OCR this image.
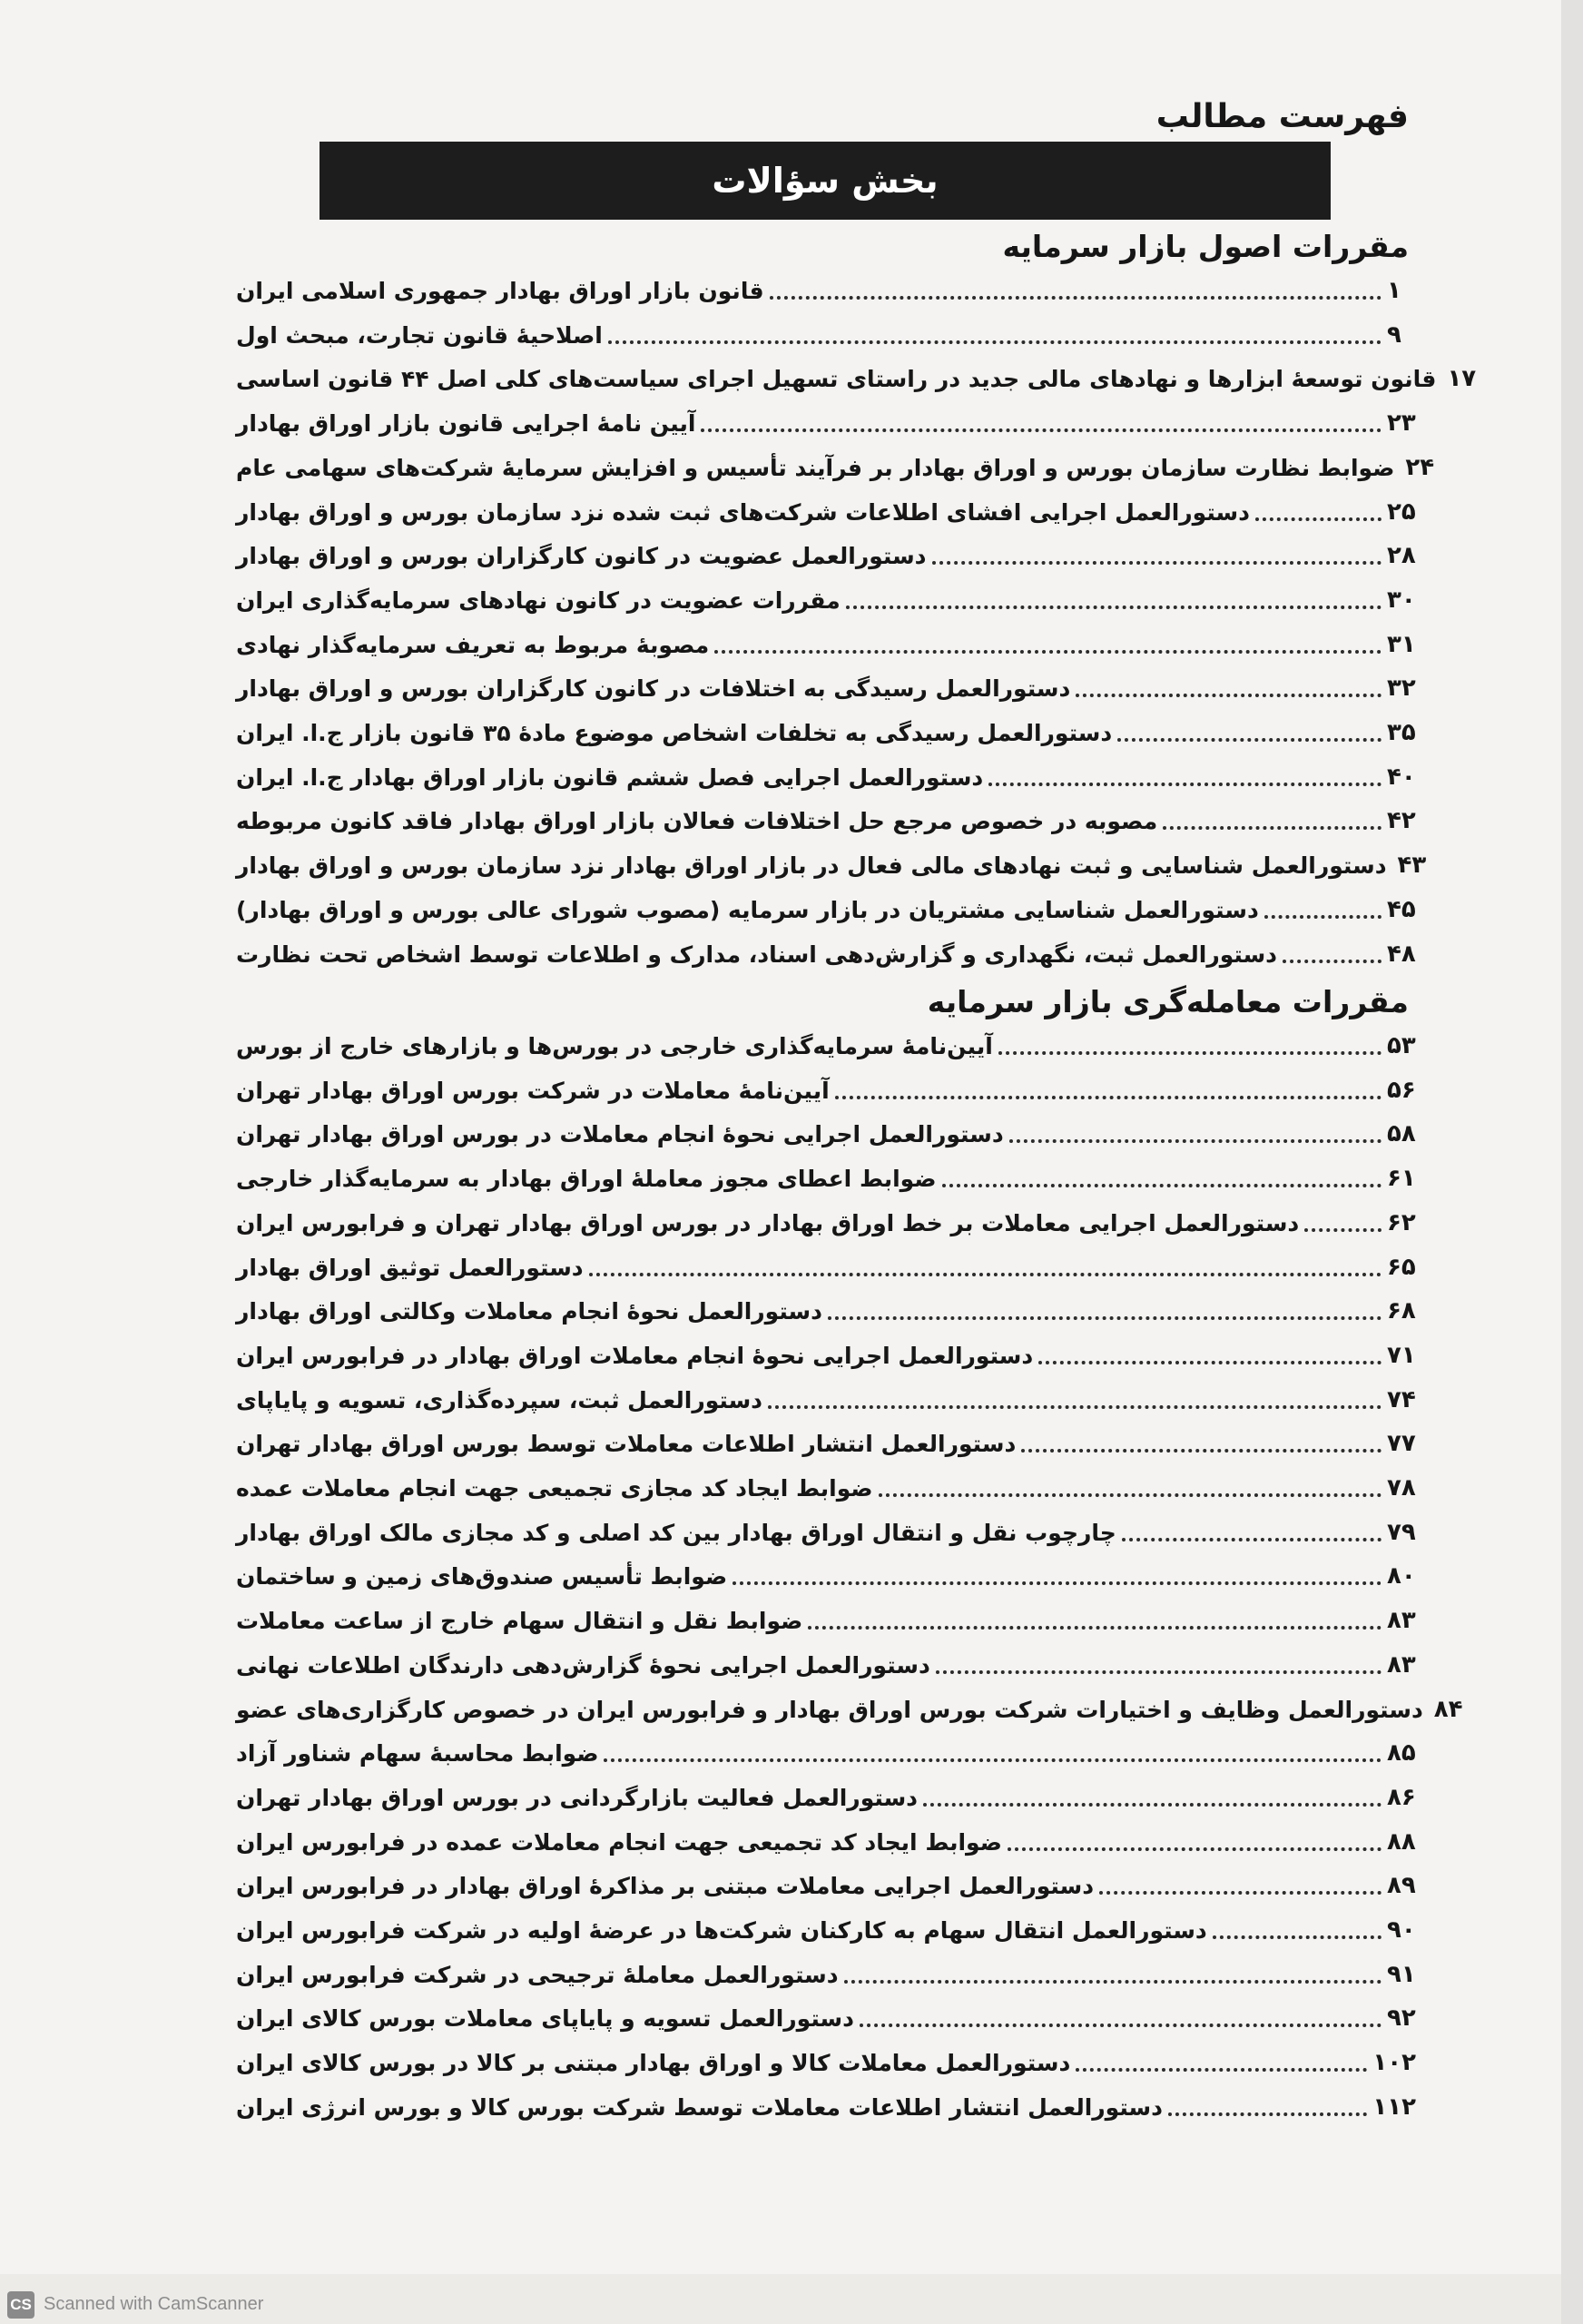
فهرست مطالب
بخش سؤالات
مقررات اصول بازار سرمایه
قانون بازار اوراق بهادار جمهوری اسلامی ایران	۱
اصلاحیهٔ قانون تجارت، مبحث اول	۹
قانون توسعهٔ ابزارها و نهادهای مالی جدید در راستای تسهیل اجرای سیاست‌های کلی اصل ۴۴ قانون اساسی ۱۷
آیین نامهٔ اجرایی قانون بازار اوراق بهادار	۲۳
ضوابط نظارت سازمان بورس و اوراق بهادار بر فرآیند تأسیس و افزایش سرمایهٔ شرکت‌های سهامی عام ۲۴
دستورالعمل اجرایی افشای اطلاعات شرکت‌های ثبت شده نزد سازمان بورس و اوراق بهادار	۲۵
دستورالعمل عضویت در کانون کارگزاران بورس و اوراق بهادار	۲۸
مقررات عضویت در کانون نهادهای سرمایه‌گذاری ایران	۳۰
مصوبهٔ مربوط به تعریف سرمایه‌گذار نهادی	۳۱
دستورالعمل رسیدگی به اختلافات در کانون کارگزاران بورس و اوراق بهادار	۳۲
دستورالعمل رسیدگی به تخلفات اشخاص موضوع مادهٔ ۳۵ قانون بازار ج.ا. ایران	۳۵
دستورالعمل اجرایی فصل ششم قانون بازار اوراق بهادار ج.ا. ایران	۴۰
مصوبه در خصوص مرجع حل اختلافات فعالان بازار اوراق بهادار فاقد کانون مربوطه	۴۲
دستورالعمل شناسایی و ثبت نهادهای مالی فعال در بازار اوراق بهادار نزد سازمان بورس و اوراق بهادار ۴۳
دستورالعمل شناسایی مشتریان در بازار سرمایه (مصوب شورای عالی بورس و اوراق بهادار)	۴۵
دستورالعمل ثبت، نگهداری و گزارش‌دهی اسناد، مدارک و اطلاعات توسط اشخاص تحت نظارت	۴۸
مقررات معامله‌گری بازار سرمایه
آیین‌نامهٔ سرمایه‌گذاری خارجی در بورس‌ها و بازارهای خارج از بورس	۵۳
آیین‌نامهٔ معاملات در شرکت بورس اوراق بهادار تهران	۵۶
دستورالعمل اجرایی نحوهٔ انجام معاملات در بورس اوراق بهادار تهران	۵۸
ضوابط اعطای مجوز معاملهٔ اوراق بهادار به سرمایه‌گذار خارجی	۶۱
دستورالعمل اجرایی معاملات بر خط اوراق بهادار در بورس اوراق بهادار تهران و فرابورس ایران	۶۲
دستورالعمل توثیق اوراق بهادار	۶۵
دستورالعمل نحوهٔ انجام معاملات وکالتی اوراق بهادار	۶۸
دستورالعمل اجرایی نحوهٔ انجام معاملات اوراق بهادار در فرابورس ایران	۷۱
دستورالعمل ثبت، سپرده‌گذاری، تسویه و پایاپای	۷۴
دستورالعمل انتشار اطلاعات معاملات توسط بورس اوراق بهادار تهران	۷۷
ضوابط ایجاد کد مجازی تجمیعی جهت انجام معاملات عمده	۷۸
چارچوب نقل و انتقال اوراق بهادار بین کد اصلی و کد مجازی مالک اوراق بهادار	۷۹
ضوابط تأسیس صندوق‌های زمین و ساختمان	۸۰
ضوابط نقل و انتقال سهام خارج از ساعت معاملات	۸۳
دستورالعمل اجرایی نحوهٔ گزارش‌دهی دارندگان اطلاعات نهانی	۸۳
دستورالعمل وظایف و اختیارات شرکت بورس اوراق بهادار و فرابورس ایران در خصوص کارگزاری‌های عضو ۸۴
ضوابط محاسبهٔ سهام شناور آزاد	۸۵
دستورالعمل فعالیت بازارگردانی در بورس اوراق بهادار تهران	۸۶
ضوابط ایجاد کد تجمیعی جهت انجام معاملات عمده در فرابورس ایران	۸۸
دستورالعمل اجرایی معاملات مبتنی بر مذاکرهٔ اوراق بهادار در فرابورس ایران	۸۹
دستورالعمل انتقال سهام به کارکنان شرکت‌ها در عرضهٔ اولیه در شرکت فرابورس ایران	۹۰
دستورالعمل معاملهٔ ترجیحی در شرکت فرابورس ایران	۹۱
دستورالعمل تسویه و پایاپای معاملات بورس کالای ایران	۹۲
دستورالعمل معاملات کالا و اوراق بهادار مبتنی بر کالا در بورس کالای ایران	۱۰۲
دستورالعمل انتشار اطلاعات معاملات توسط شرکت بورس کالا و بورس انرژی ایران	۱۱۲
CS Scanned with CamScanner
